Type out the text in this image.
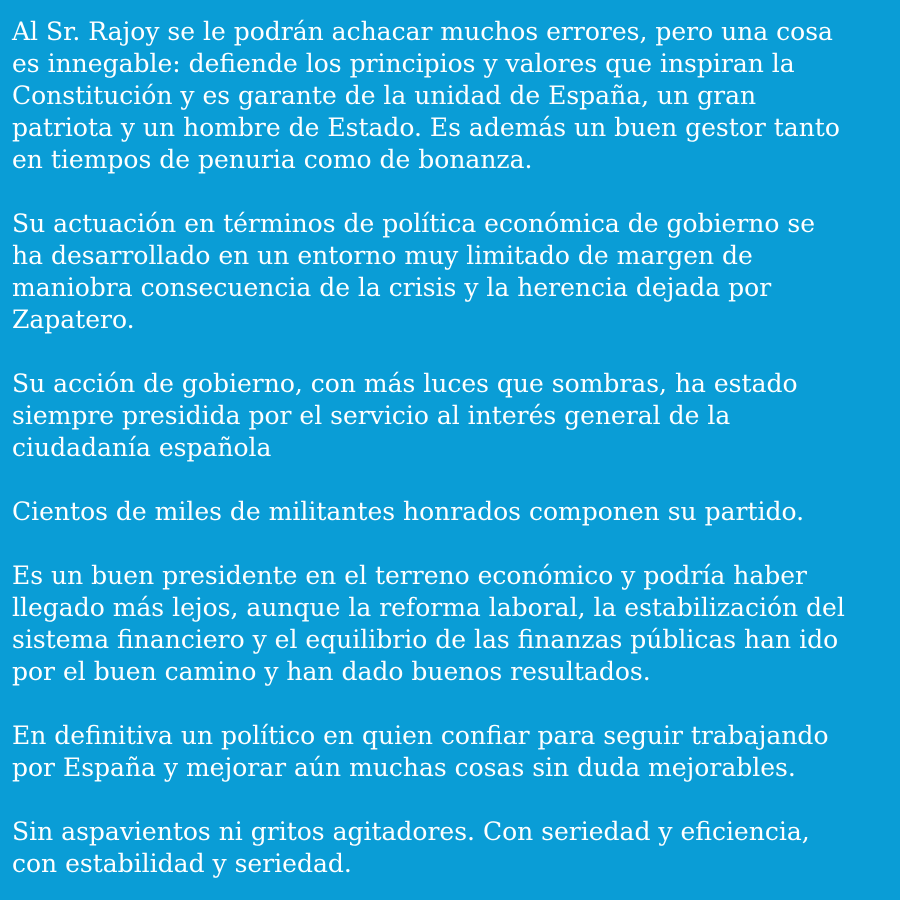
Al Sr. Rajoy se le podrán achacar muchos errores, pero una cosa
es innegable: defiende los principios y valores que inspiran la
Constitución y es garante de la unidad de España, un gran
patriota y un hombre de Estado. Es además un buen gestor tanto
en tiempos de penuria como de bonanza.

Su actuación en términos de política económica de gobierno se
ha desarrollado en un entorno muy limitado de margen de
maniobra consecuencia de la crisis y la herencia dejada por
Zapatero.

Su acción de gobierno, con más luces que sombras, ha estado
siempre presidida por el servicio al interés general de la
ciudadanía española

Cientos de miles de militantes honrados componen su partido.

Es un buen presidente en el terreno económico y podría haber
llegado más lejos, aunque la reforma laboral, la estabilización del
sistema financiero y el equilibrio de las finanzas públicas han ido
por el buen camino y han dado buenos resultados.

En definitiva un político en quien confiar para seguir trabajando
por España y mejorar aún muchas cosas sin duda mejorables.

Sin aspavientos ni gritos agitadores. Con seriedad y eficiencia,
con estabilidad y seriedad.
